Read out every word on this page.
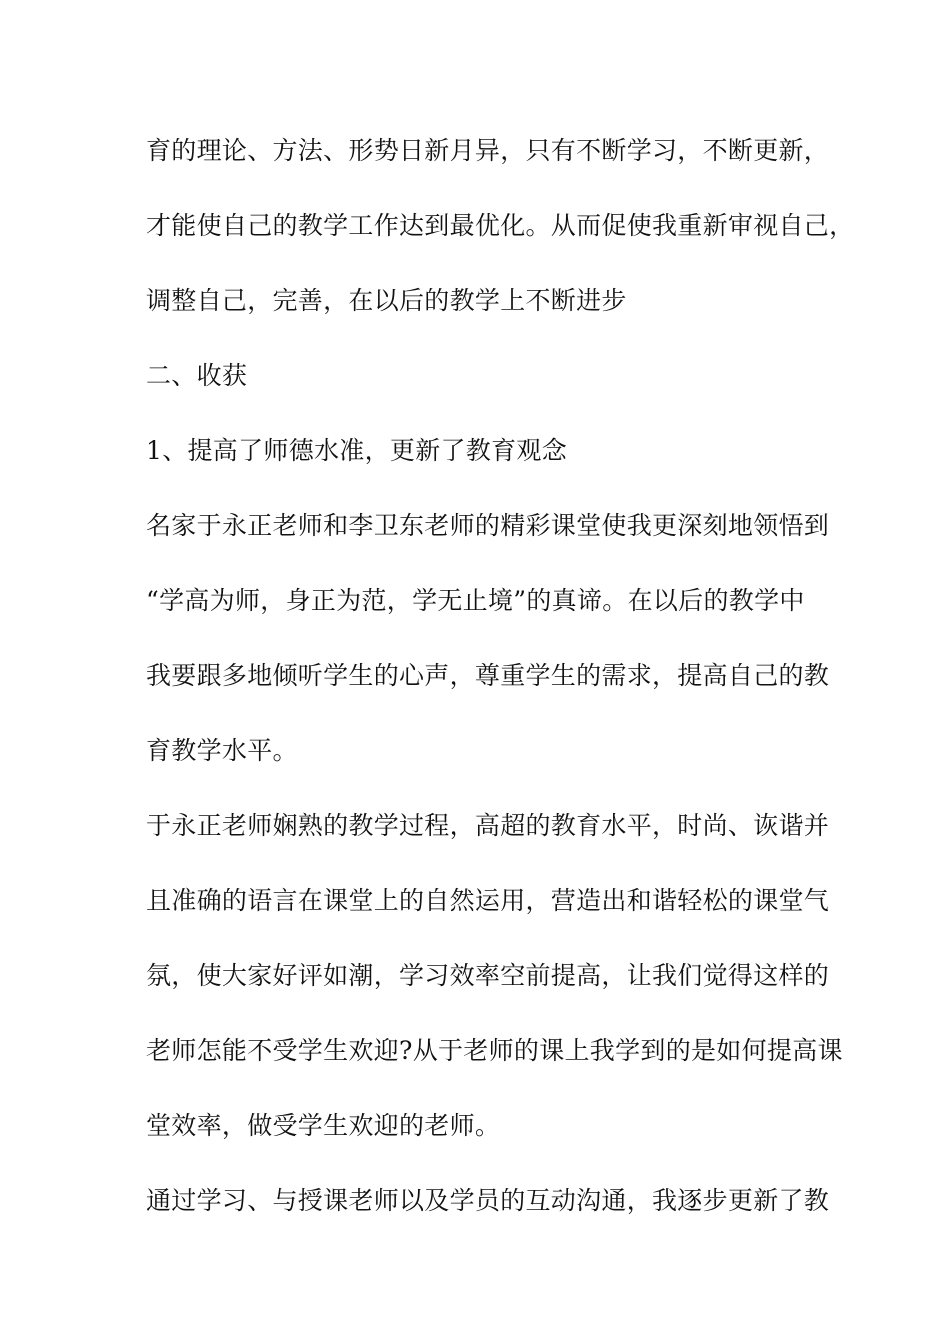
育的理论、方法、形势日新月异，只有不断学习，不断更新，
才能使自己的教学工作达到最优化。从而促使我重新审视自己，
调整自己，完善，在以后的教学上不断进步
二、收获
1、提高了师德水准，更新了教育观念
名家于永正老师和李卫东老师的精彩课堂使我更深刻地领悟到
“学高为师，身正为范，学无止境”的真谛。在以后的教学中
我要跟多地倾听学生的心声，尊重学生的需求，提高自己的教
育教学水平。
于永正老师娴熟的教学过程，高超的教育水平，时尚、诙谐并
且准确的语言在课堂上的自然运用，营造出和谐轻松的课堂气
氛，使大家好评如潮，学习效率空前提高，让我们觉得这样的
老师怎能不受学生欢迎?从于老师的课上我学到的是如何提高课
堂效率，做受学生欢迎的老师。
通过学习、与授课老师以及学员的互动沟通，我逐步更新了教
